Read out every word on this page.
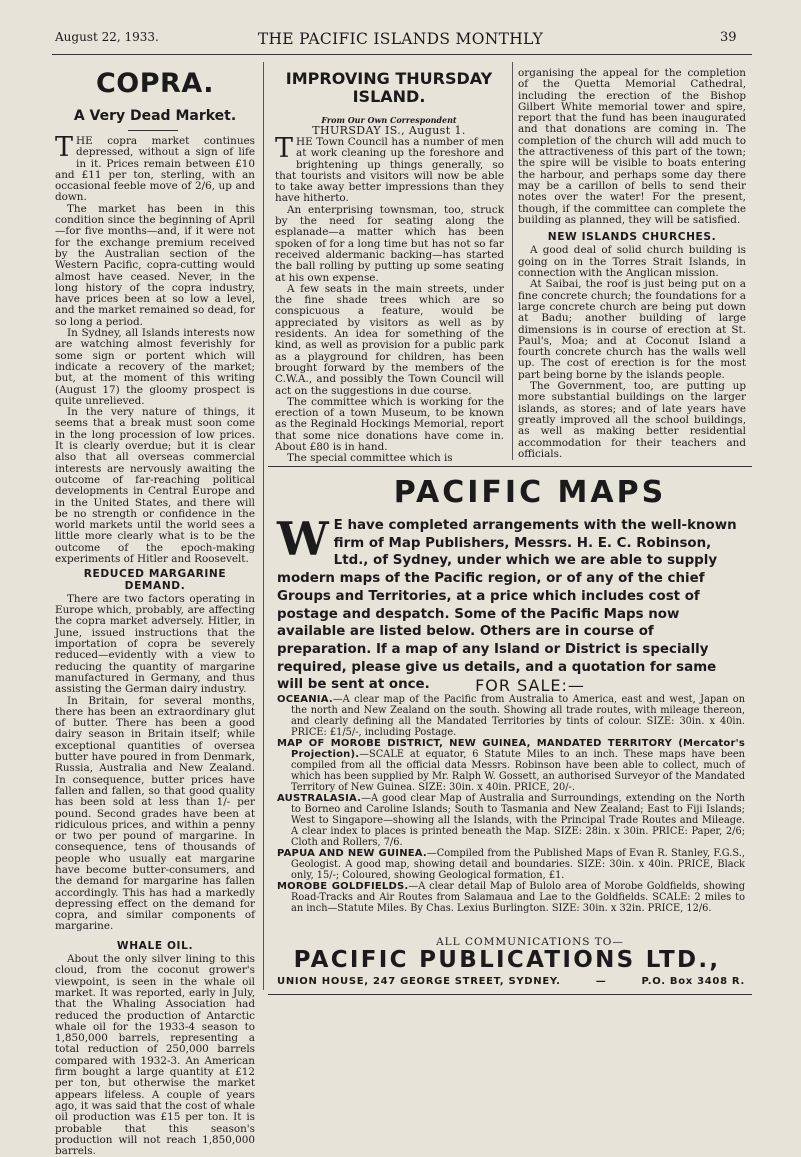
August 22, 1933.	THE PACIFIC ISLANDS MONTHLY	39
COPRA.
A Very Dead Market.

THE copra market continues depressed, without a sign of life in it. Prices remain between £10 and £11 per ton, sterling, with an occasional feeble move of 2/6, up and down.

The market has been in this condition since the beginning of April—for five months—and, if it were not for the exchange premium received by the Australian section of the Western Pacific, copra-cutting would almost have ceased. Never, in the long history of the copra industry, have prices been at so low a level, and the market remained so dead, for so long a period.

In Sydney, all Islands interests now are watching almost feverishly for some sign or portent which will indicate a recovery of the market; but, at the moment of this writing (August 17) the gloomy prospect is quite unrelieved.

In the very nature of things, it seems that a break must soon come in the long procession of low prices. It is clearly overdue; but it is clear also that all overseas commercial interests are nervously awaiting the outcome of far-reaching political developments in Central Europe and in the United States, and there will be no strength or confidence in the world markets until the world sees a little more clearly what is to be the outcome of the epoch-making experiments of Hitler and Roosevelt.

REDUCED MARGARINE DEMAND.

There are two factors operating in Europe which, probably, are affecting the copra market adversely. Hitler, in June, issued instructions that the importation of copra be severely reduced—evidently with a view to reducing the quantity of margarine manufactured in Germany, and thus assisting the German dairy industry.

In Britain, for several months, there has been an extraordinary glut of butter. There has been a good dairy season in Britain itself; while exceptional quantities of oversea butter have poured in from Denmark, Russia, Australia and New Zealand. In consequence, butter prices have fallen and fallen, so that good quality has been sold at less than 1/- per pound. Second grades have been at ridiculous prices, and within a penny or two per pound of margarine. In consequence, tens of thousands of people who usually eat margarine have become butter-consumers, and the demand for margarine has fallen accordingly. This has had a markedly depressing effect on the demand for copra, and similar components of margarine.

WHALE OIL.

About the only silver lining to this cloud, from the coconut grower's viewpoint, is seen in the whale oil market. It was reported, early in July, that the Whaling Association had reduced the production of Antarctic whale oil for the 1933-4 season to 1,850,000 barrels, representing a total reduction of 250,000 barrels compared with 1932-3. An American firm bought a large quantity at £12 per ton, but otherwise the market appears lifeless. A couple of years ago, it was said that the cost of whale oil production was £15 per ton. It is probable that this season's production will not reach 1,850,000 barrels.

IMPROVING THURSDAY ISLAND.
From Our Own Correspondent
THURSDAY IS., August 1.

THE Town Council has a number of men at work cleaning up the foreshore and brightening up things generally, so that tourists and visitors will now be able to take away better impressions than they have hitherto.

An enterprising townsman, too, struck by the need for seating along the esplanade—a matter which has been spoken of for a long time but has not so far received aldermanic backing—has started the ball rolling by putting up some seating at his own expense.

A few seats in the main streets, under the fine shade trees which are so conspicuous a feature, would be appreciated by visitors as well as by residents. An idea for something of the kind, as well as provision for a public park as a playground for children, has been brought forward by the members of the C.W.A., and possibly the Town Council will act on the suggestions in due course.

The committee which is working for the erection of a town Museum, to be known as the Reginald Hockings Memorial, report that some nice donations have come in. About £80 is in hand.

The special committee which is

organising the appeal for the completion of the Quetta Memorial Cathedral, including the erection of the Bishop Gilbert White memorial tower and spire, report that the fund has been inaugurated and that donations are coming in. The completion of the church will add much to the attractiveness of this part of the town; the spire will be visible to boats entering the harbour, and perhaps some day there may be a carillon of bells to send their notes over the water! For the present, though, if the committee can complete the building as planned, they will be satisfied.

NEW ISLANDS CHURCHES.

A good deal of solid church building is going on in the Torres Strait Islands, in connection with the Anglican mission.

At Saibai, the roof is just being put on a fine concrete church; the foundations for a large concrete church are being put down at Badu; another building of large dimensions is in course of erection at St. Paul's, Moa; and at Coconut Island a fourth concrete church has the walls well up. The cost of erection is for the most part being borne by the islands people.

The Government, too, are putting up more substantial buildings on the larger islands, as stores; and of late years have greatly improved all the school buildings, as well as making better residential accommodation for their teachers and officials.

PACIFIC MAPS
W E have completed arrangements with the well-known firm of Map Publishers, Messrs. H. E. C. Robinson, Ltd., of Sydney, under which we are able to supply modern maps of the Pacific region, or of any of the chief Groups and Territories, at a price which includes cost of postage and despatch. Some of the Pacific Maps now available are listed below. Others are in course of preparation. If a map of any Island or District is specially required, please give us details, and a quotation for same will be sent at once.	FOR SALE:—

OCEANIA.—A clear map of the Pacific from Australia to America, east and west, Japan on the north and New Zealand on the south. Showing all trade routes, with mileage thereon, and clearly defining all the Mandated Territories by tints of colour. SIZE: 30in. x 40in. PRICE: £1/5/-, including Postage.

MAP OF MOROBE DISTRICT, NEW GUINEA, MANDATED TERRITORY (Mercator's Projection).—SCALE at equator, 6 Statute Miles to an inch. These maps have been compiled from all the official data Messrs. Robinson have been able to collect, much of which has been supplied by Mr. Ralph W. Gossett, an authorised Surveyor of the Mandated Territory of New Guinea. SIZE: 30in. x 40in. PRICE, 20/-.

AUSTRALASIA.—A good clear Map of Australia and Surroundings, extending on the North to Borneo and Caroline Islands; South to Tasmania and New Zealand; East to Fiji Islands; West to Singapore—showing all the Islands, with the Principal Trade Routes and Mileage. A clear index to places is printed beneath the Map. SIZE: 28in. x 30in. PRICE: Paper, 2/6; Cloth and Rollers, 7/6.

PAPUA AND NEW GUINEA.—Compiled from the Published Maps of Evan R. Stanley, F.G.S., Geologist. A good map, showing detail and boundaries. SIZE: 30in. x 40in. PRICE, Black only, 15/-; Coloured, showing Geological formation, £1.

MOROBE GOLDFIELDS.—A clear detail Map of Bulolo area of Morobe Goldfields, showing Road-Tracks and Air Routes from Salamaua and Lae to the Goldfields. SCALE: 2 miles to an inch—Statute Miles. By Chas. Lexius Burlington. SIZE: 30in. x 32in. PRICE, 12/6.

ALL COMMUNICATIONS TO—
PACIFIC PUBLICATIONS LTD.,
UNION HOUSE, 247 GEORGE STREET, SYDNEY.	—	P.O. Box 3408 R.
